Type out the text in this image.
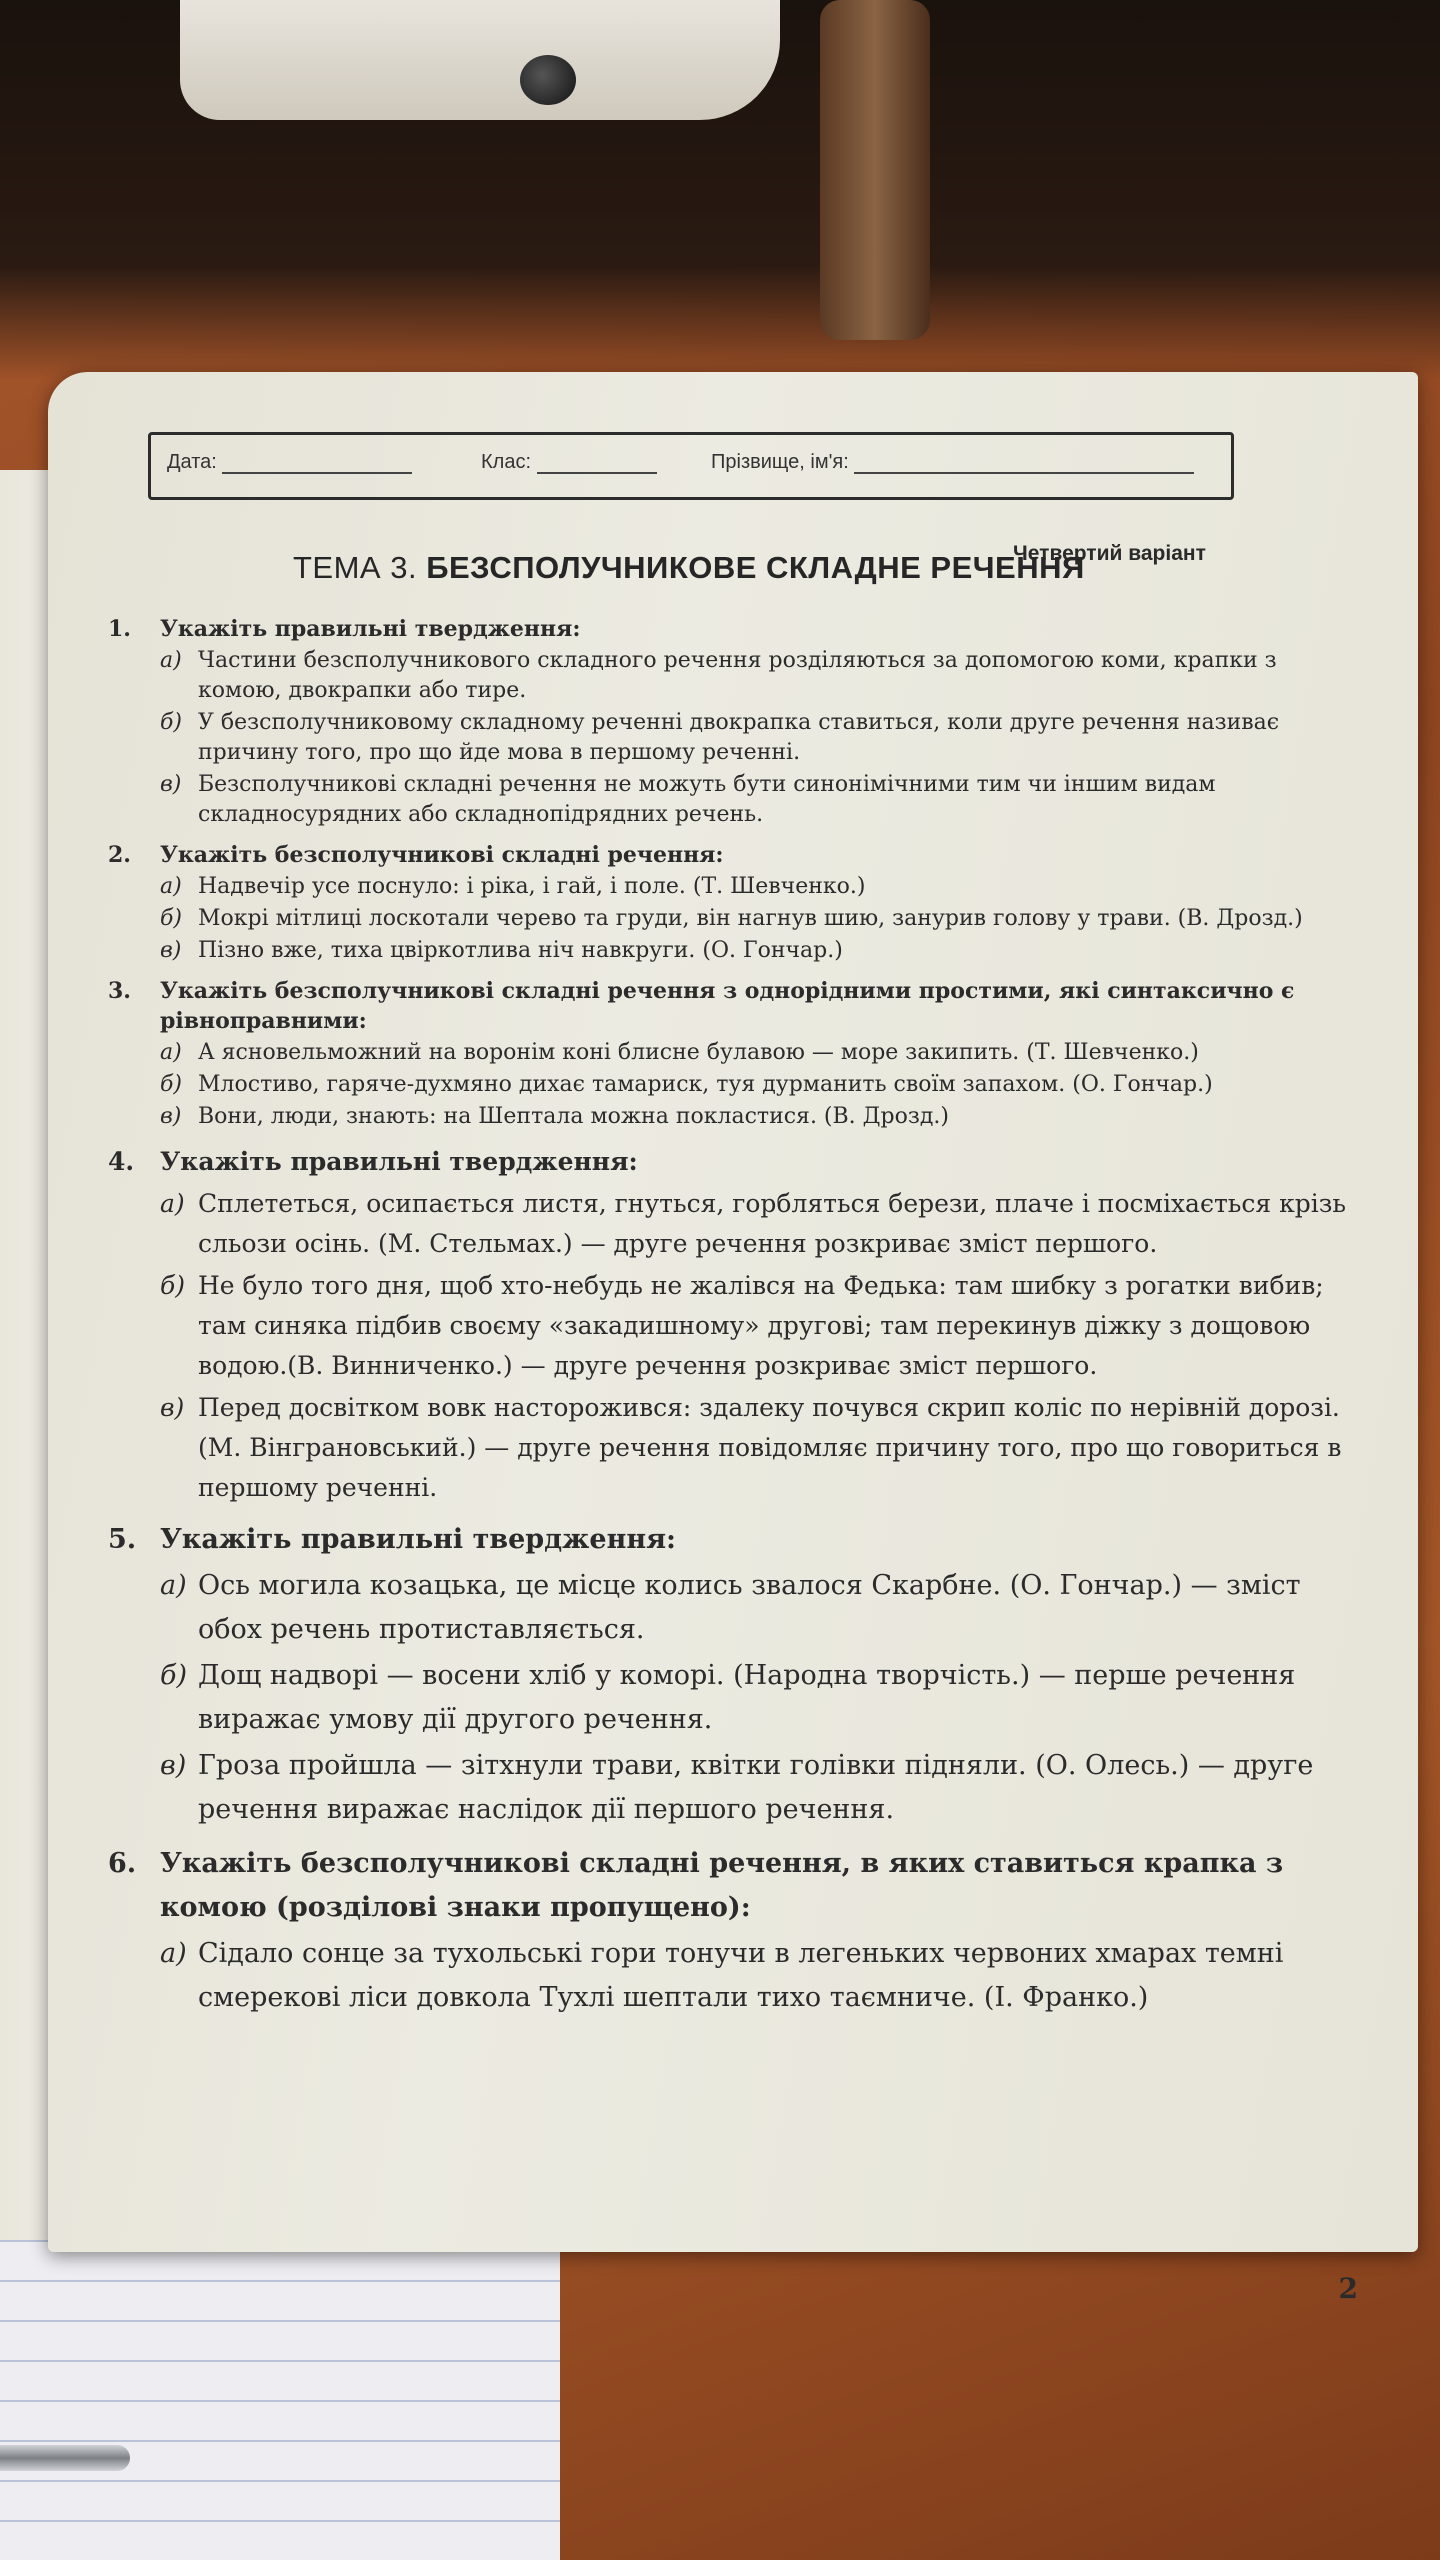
Дата:	Клас:	Прізвище, ім'я:
Четвертий варіант
ТЕМА 3. БЕЗСПОЛУЧНИКОВЕ СКЛАДНЕ РЕЧЕННЯ
1.	Укажіть правильні твердження:
а) Частини безсполучникового складного речення розділяються за допомогою коми, крапки з комою, двокрапки або тире.
б) У безсполучниковому складному реченні двокрапка ставиться, коли друге речення називає причину того, про що йде мова в першому реченні.
в) Безсполучникові складні речення не можуть бути синонімічними тим чи іншим видам складносурядних або складнопідрядних речень.
2.	Укажіть безсполучникові складні речення:
а) Надвечір усе поснуло: і ріка, і гай, і поле. (Т. Шевченко.)
б) Мокрі мітлиці лоскотали черево та груди, він нагнув шию, занурив голову у трави. (В. Дрозд.)
в) Пізно вже, тиха цвіркотлива ніч навкруги. (О. Гончар.)
3.	Укажіть безсполучникові складні речення з однорідними простими, які синтаксично є рівноправними:
а) А ясновельможний на воронім коні блисне булавою — море закипить. (Т. Шевченко.)
б) Млостиво, гаряче-духмяно дихає тамариск, туя дурманить своїм запахом. (О. Гончар.)
в) Вони, люди, знають: на Шептала можна покластися. (В. Дрозд.)
4.	Укажіть правильні твердження:
а) Сплететься, осипається листя, гнуться, горбляться берези, плаче і посміхається крізь сльози осінь. (М. Стельмах.) — друге речення розкриває зміст першого.
б) Не було того дня, щоб хто-небудь не жалівся на Федька: там шибку з рогатки вибив; там синяка підбив своєму «закадишному» другові; там перекинув діжку з дощовою водою.(В. Винниченко.) — друге речення розкриває зміст першого.
в) Перед досвітком вовк насторожився: здалеку почувся скрип коліс по нерівній дорозі. (М. Вінграновський.) — друге речення повідомляє причину того, про що говориться в першому реченні.
5. Укажіть правильні твердження:
а) Ось могила козацька, це місце колись звалося Скарбне. (О. Гончар.) — зміст обох речень протиставляється.
б) Дощ надворі — восени хліб у коморі. (Народна творчість.) — перше речення виражає умову дії другого речення.
в) Гроза пройшла — зітхнули трави, квітки голівки підняли. (О. Олесь.) — друге речення виражає наслідок дії першого речення.
6. Укажіть безсполучникові складні речення, в яких ставиться крапка з комою (розділові знаки пропущено):
а) Сідало сонце за тухольські гори тонучи в легеньких червоних хмарах темні смерекові ліси довкола Тухлі шептали тихо таємниче. (І. Франко.)
2
